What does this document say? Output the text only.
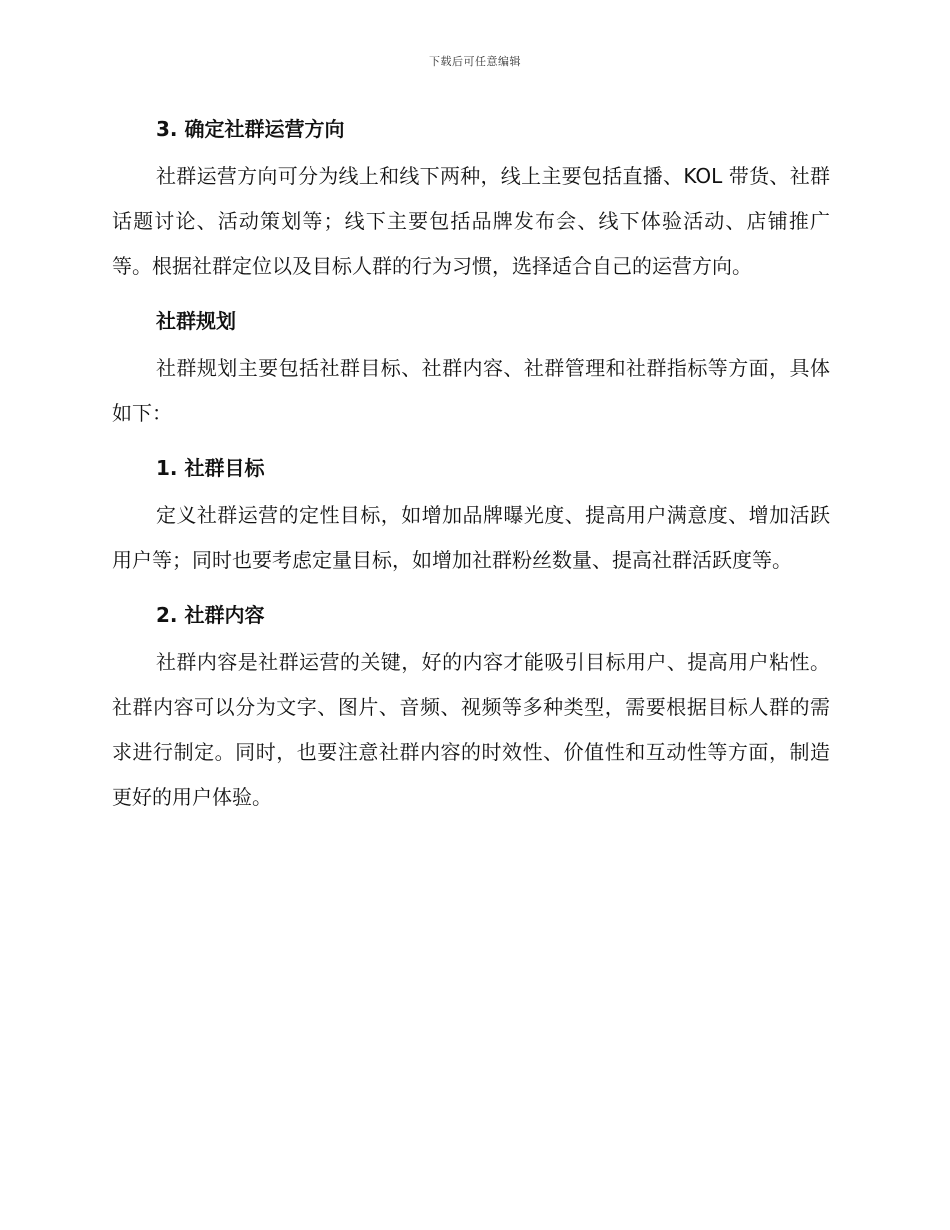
下载后可任意编辑
3. 确定社群运营方向

社群运营方向可分为线上和线下两种，线上主要包括直播、KOL 带货、社群话题讨论、活动策划等；线下主要包括品牌发布会、线下体验活动、店铺推广等。根据社群定位以及目标人群的行为习惯，选择适合自己的运营方向。

社群规划

社群规划主要包括社群目标、社群内容、社群管理和社群指标等方面，具体如下：

1. 社群目标

定义社群运营的定性目标，如增加品牌曝光度、提高用户满意度、增加活跃用户等；同时也要考虑定量目标，如增加社群粉丝数量、提高社群活跃度等。

2. 社群内容

社群内容是社群运营的关键，好的内容才能吸引目标用户、提高用户粘性。社群内容可以分为文字、图片、音频、视频等多种类型，需要根据目标人群的需求进行制定。同时，也要注意社群内容的时效性、价值性和互动性等方面，制造更好的用户体验。
